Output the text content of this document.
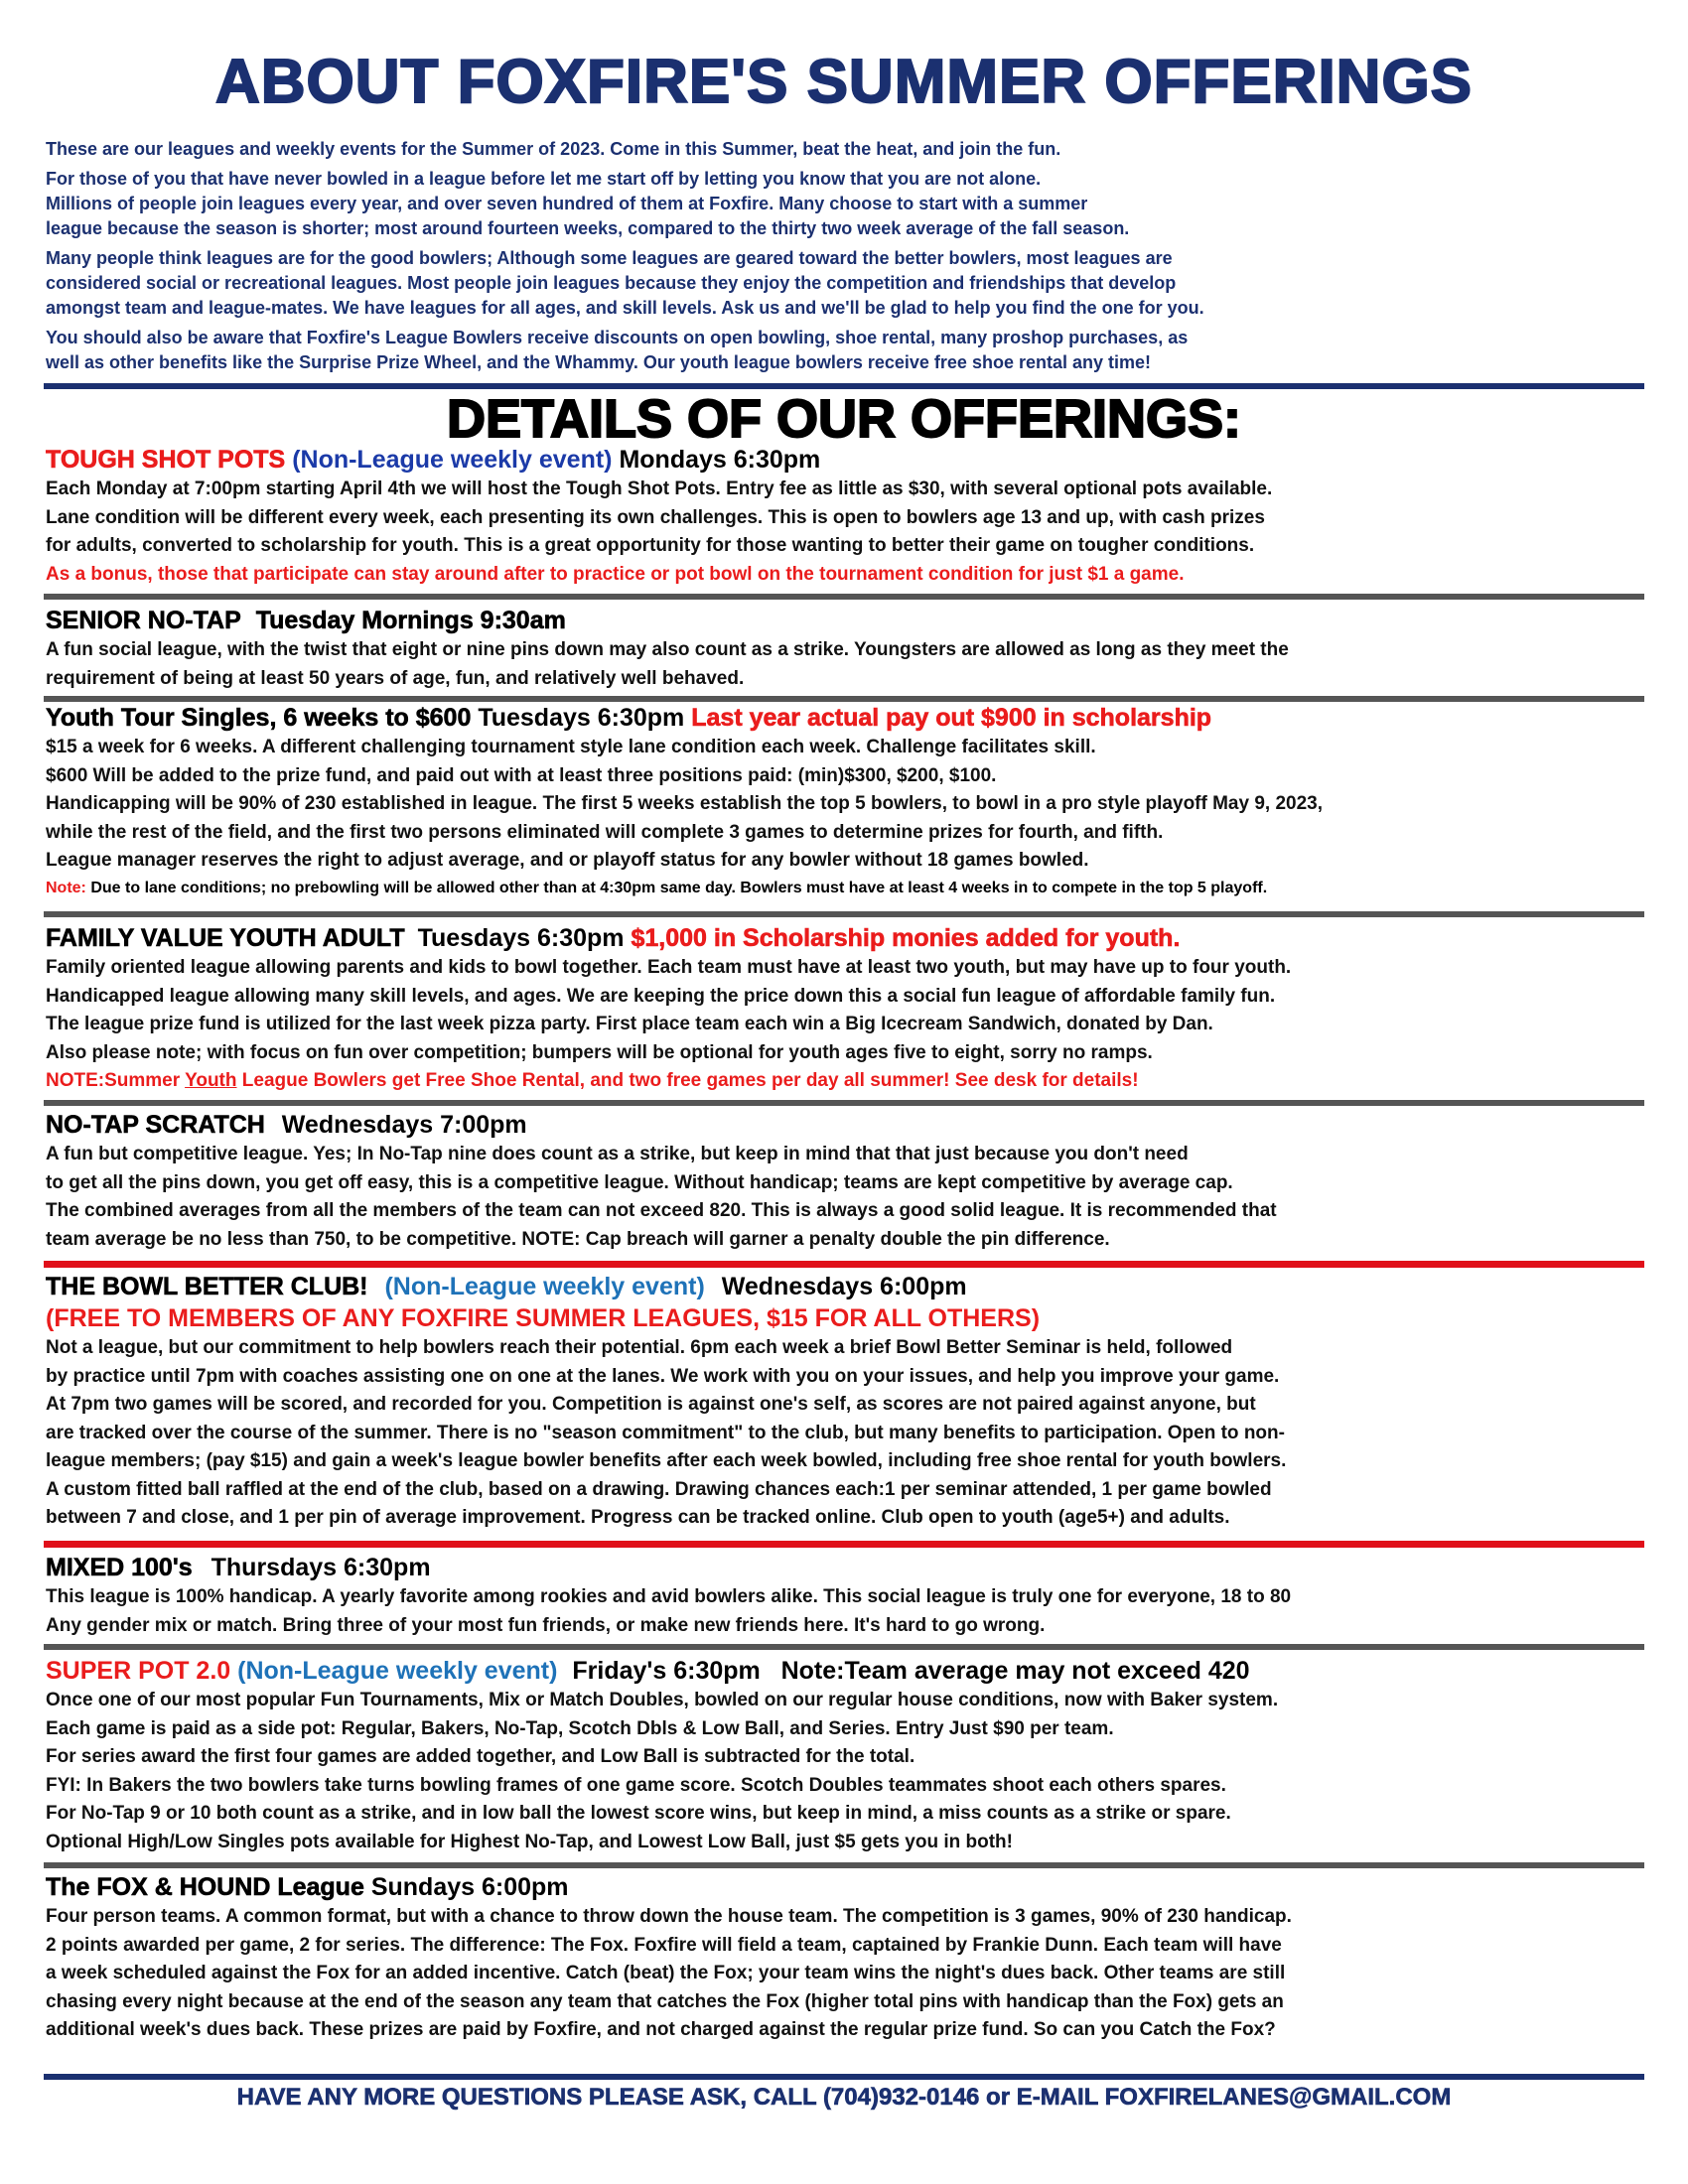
ABOUT FOXFIRE'S SUMMER OFFERINGS

These are our leagues and weekly events for the Summer of 2023. Come in this Summer, beat the heat, and join the fun.

For those of you that have never bowled in a league before let me start off by letting you know that you are not alone.
Millions of people join leagues every year, and over seven hundred of them at Foxfire. Many choose to start with a summer
league because the season is shorter; most around fourteen weeks, compared to the thirty two week average of the fall season.

Many people think leagues are for the good bowlers; Although some leagues are geared toward the better bowlers, most leagues are
considered social or recreational leagues. Most people join leagues because they enjoy the competition and friendships that develop
amongst team and league-mates. We have leagues for all ages, and skill levels. Ask us and we'll be glad to help you find the one for you.

You should also be aware that Foxfire's League Bowlers receive discounts on open bowling, shoe rental, many proshop purchases, as
well as other benefits like the Surprise Prize Wheel, and the Whammy. Our youth league bowlers receive free shoe rental any time!

DETAILS OF OUR OFFERINGS:
TOUGH SHOT POTS (Non-League weekly event) Mondays 6:30pm
Each Monday at 7:00pm starting April 4th we will host the Tough Shot Pots. Entry fee as little as $30, with several optional pots available.
Lane condition will be different every week, each presenting its own challenges. This is open to bowlers age 13 and up, with cash prizes
for adults, converted to scholarship for youth. This is a great opportunity for those wanting to better their game on tougher conditions.
As a bonus, those that participate can stay around after to practice or pot bowl on the tournament condition for just $1 a game.
SENIOR NO-TAP Tuesday Mornings 9:30am
A fun social league, with the twist that eight or nine pins down may also count as a strike. Youngsters are allowed as long as they meet the
requirement of being at least 50 years of age, fun, and relatively well behaved.
Youth Tour Singles, 6 weeks to $600 Tuesdays 6:30pm Last year actual pay out $900 in scholarship
$15 a week for 6 weeks. A different challenging tournament style lane condition each week. Challenge facilitates skill.
$600 Will be added to the prize fund, and paid out with at least three positions paid: (min)$300, $200, $100.
Handicapping will be 90% of 230 established in league. The first 5 weeks establish the top 5 bowlers, to bowl in a pro style playoff May 9, 2023,
while the rest of the field, and the first two persons eliminated will complete 3 games to determine prizes for fourth, and fifth.
League manager reserves the right to adjust average, and or playoff status for any bowler without 18 games bowled.
Note: Due to lane conditions; no prebowling will be allowed other than at 4:30pm same day. Bowlers must have at least 4 weeks in to compete in the top 5 playoff.
FAMILY VALUE YOUTH ADULT Tuesdays 6:30pm $1,000 in Scholarship monies added for youth.
Family oriented league allowing parents and kids to bowl together. Each team must have at least two youth, but may have up to four youth.
Handicapped league allowing many skill levels, and ages. We are keeping the price down this a social fun league of affordable family fun.
The league prize fund is utilized for the last week pizza party. First place team each win a Big Icecream Sandwich, donated by Dan.
Also please note; with focus on fun over competition; bumpers will be optional for youth ages five to eight, sorry no ramps.
NOTE:Summer Youth League Bowlers get Free Shoe Rental, and two free games per day all summer! See desk for details!
NO-TAP SCRATCH Wednesdays 7:00pm
A fun but competitive league. Yes; In No-Tap nine does count as a strike, but keep in mind that that just because you don't need
to get all the pins down, you get off easy, this is a competitive league. Without handicap; teams are kept competitive by average cap.
The combined averages from all the members of the team can not exceed 820. This is always a good solid league. It is recommended that
team average be no less than 750, to be competitive. NOTE: Cap breach will garner a penalty double the pin difference.
THE BOWL BETTER CLUB! (Non-League weekly event) Wednesdays 6:00pm
(FREE TO MEMBERS OF ANY FOXFIRE SUMMER LEAGUES, $15 FOR ALL OTHERS)
Not a league, but our commitment to help bowlers reach their potential. 6pm each week a brief Bowl Better Seminar is held, followed
by practice until 7pm with coaches assisting one on one at the lanes. We work with you on your issues, and help you improve your game.
At 7pm two games will be scored, and recorded for you. Competition is against one's self, as scores are not paired against anyone, but
are tracked over the course of the summer. There is no "season commitment" to the club, but many benefits to participation. Open to non-
league members; (pay $15) and gain a week's league bowler benefits after each week bowled, including free shoe rental for youth bowlers.
A custom fitted ball raffled at the end of the club, based on a drawing. Drawing chances each:1 per seminar attended, 1 per game bowled
between 7 and close, and 1 per pin of average improvement. Progress can be tracked online. Club open to youth (age5+) and adults.
MIXED 100's Thursdays 6:30pm
This league is 100% handicap. A yearly favorite among rookies and avid bowlers alike. This social league is truly one for everyone, 18 to 80
Any gender mix or match. Bring three of your most fun friends, or make new friends here. It's hard to go wrong.
SUPER POT 2.0 (Non-League weekly event) Friday's 6:30pm   Note:Team average may not exceed 420
Once one of our most popular Fun Tournaments, Mix or Match Doubles, bowled on our regular house conditions, now with Baker system.
Each game is paid as a side pot: Regular, Bakers, No-Tap, Scotch Dbls & Low Ball, and Series. Entry Just $90 per team.
For series award the first four games are added together, and Low Ball is subtracted for the total.
FYI: In Bakers the two bowlers take turns bowling frames of one game score. Scotch Doubles teammates shoot each others spares.
For No-Tap 9 or 10 both count as a strike, and in low ball the lowest score wins, but keep in mind, a miss counts as a strike or spare.
Optional High/Low Singles pots available for Highest No-Tap, and Lowest Low Ball, just $5 gets you in both!
The FOX & HOUND League Sundays 6:00pm
Four person teams. A common format, but with a chance to throw down the house team. The competition is 3 games, 90% of 230 handicap.
2 points awarded per game, 2 for series. The difference: The Fox. Foxfire will field a team, captained by Frankie Dunn. Each team will have
a week scheduled against the Fox for an added incentive. Catch (beat) the Fox; your team wins the night's dues back. Other teams are still
chasing every night because at the end of the season any team that catches the Fox (higher total pins with handicap than the Fox) gets an
additional week's dues back. These prizes are paid by Foxfire, and not charged against the regular prize fund. So can you Catch the Fox?
HAVE ANY MORE QUESTIONS PLEASE ASK, CALL (704)932-0146 or E-MAIL FOXFIRELANES@GMAIL.COM
